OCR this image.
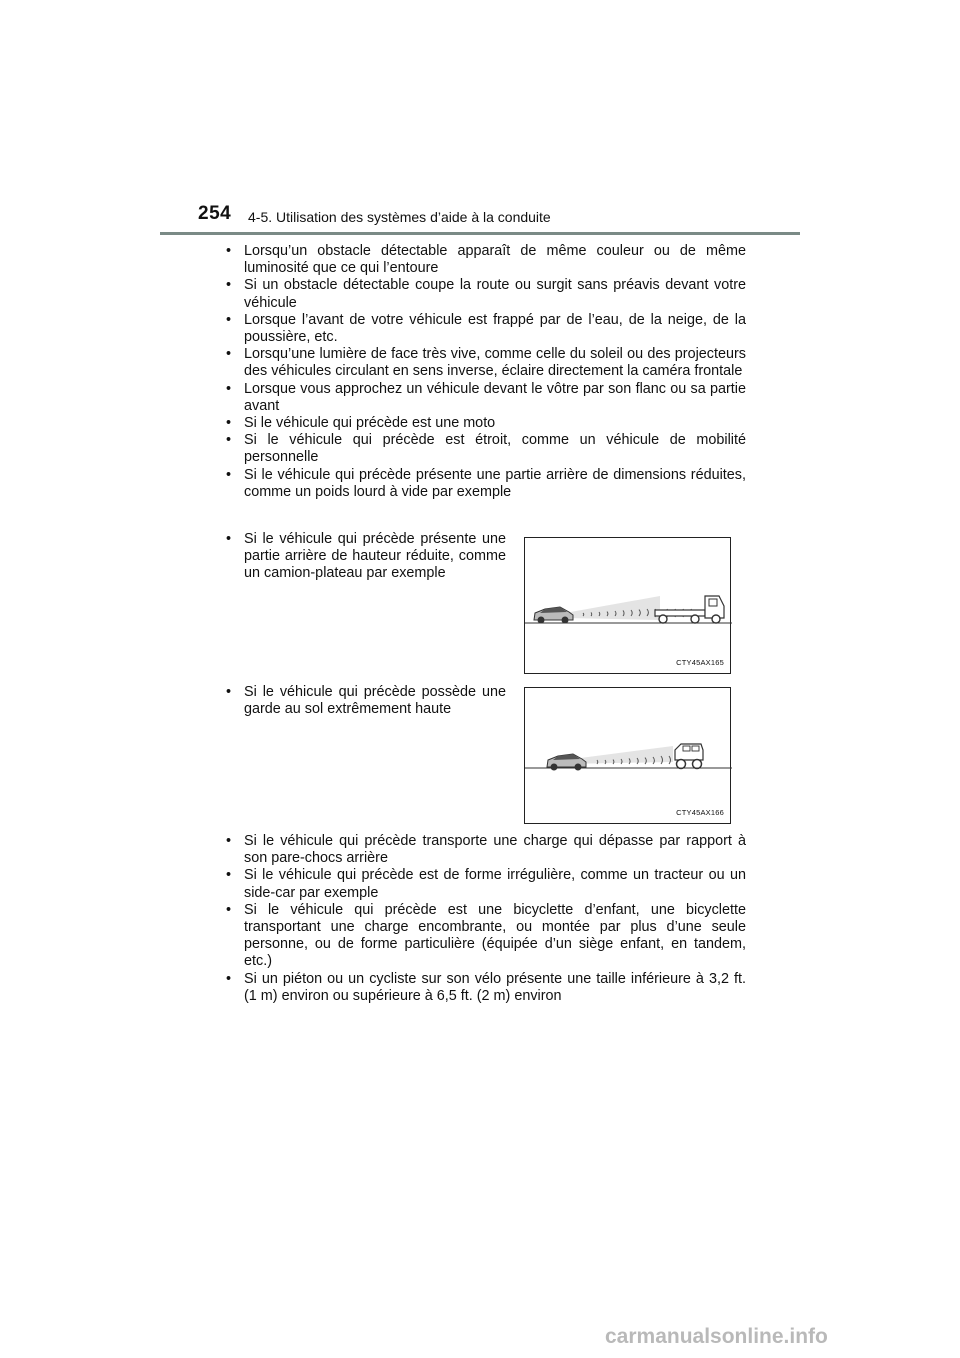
254 4-5. Utilisation des systèmes d’aide à la conduite
• Lorsqu’un obstacle détectable apparaît de même couleur ou de même luminosité que ce qui l’entoure
• Si un obstacle détectable coupe la route ou surgit sans préavis devant votre véhicule
• Lorsque l’avant de votre véhicule est frappé par de l’eau, de la neige, de la poussière, etc.
• Lorsqu’une lumière de face très vive, comme celle du soleil ou des projecteurs des véhicules circulant en sens inverse, éclaire directement la caméra frontale
• Lorsque vous approchez un véhicule devant le vôtre par son flanc ou sa partie avant
• Si le véhicule qui précède est une moto
• Si le véhicule qui précède est étroit, comme un véhicule de mobilité personnelle
• Si le véhicule qui précède présente une partie arrière de dimensions réduites, comme un poids lourd à vide par exemple
• Si le véhicule qui précède présente une partie arrière de hauteur réduite, comme un camion-plateau par exemple
CTY45AX165
• Si le véhicule qui précède possède une garde au sol extrêmement haute
CTY45AX166
• Si le véhicule qui précède transporte une charge qui dépasse par rapport à son pare-chocs arrière
• Si le véhicule qui précède est de forme irrégulière, comme un tracteur ou un side-car par exemple
• Si le véhicule qui précède est une bicyclette d’enfant, une bicyclette transportant une charge encombrante, ou montée par plus d’une seule personne, ou de forme particulière (équipée d’un siège enfant, en tandem, etc.)
• Si un piéton ou un cycliste sur son vélo présente une taille inférieure à 3,2 ft. (1 m) environ ou supérieure à 6,5 ft. (2 m) environ
carmanualsonline.info
